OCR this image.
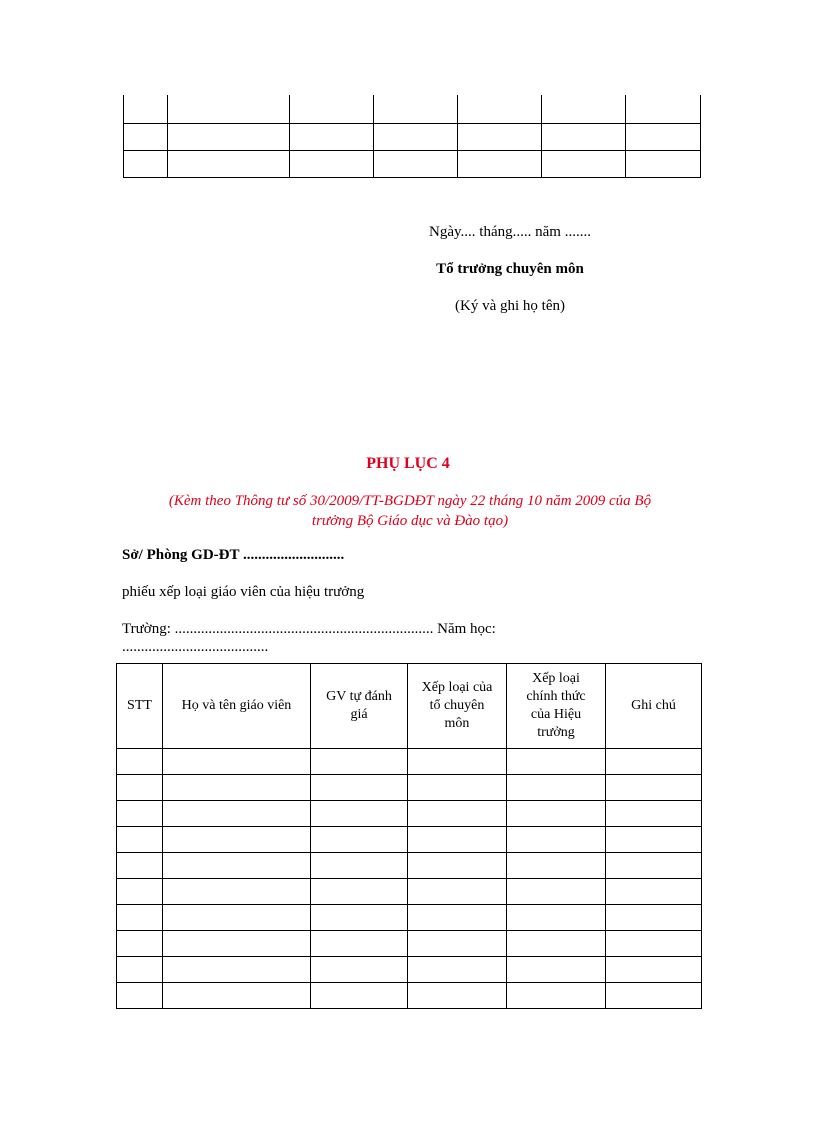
Ngày.... tháng..... năm .......
Tổ trưởng chuyên môn
(Ký và ghi họ tên)
PHỤ LỤC 4
(Kèm theo Thông tư số 30/2009/TT-BGDĐT ngày 22 tháng 10 năm 2009 của Bộ
trưởng Bộ Giáo dục và Đào tạo)
Sở/ Phòng GD-ĐT ...........................
phiếu xếp loại giáo viên của hiệu trưởng
Trường: ..................................................................... Năm học:
.......................................
STT	Họ và tên giáo viên	GV tự đánh giá	Xếp loại của tổ chuyên môn	Xếp loại chính thức của Hiệu trưởng	Ghi chú
